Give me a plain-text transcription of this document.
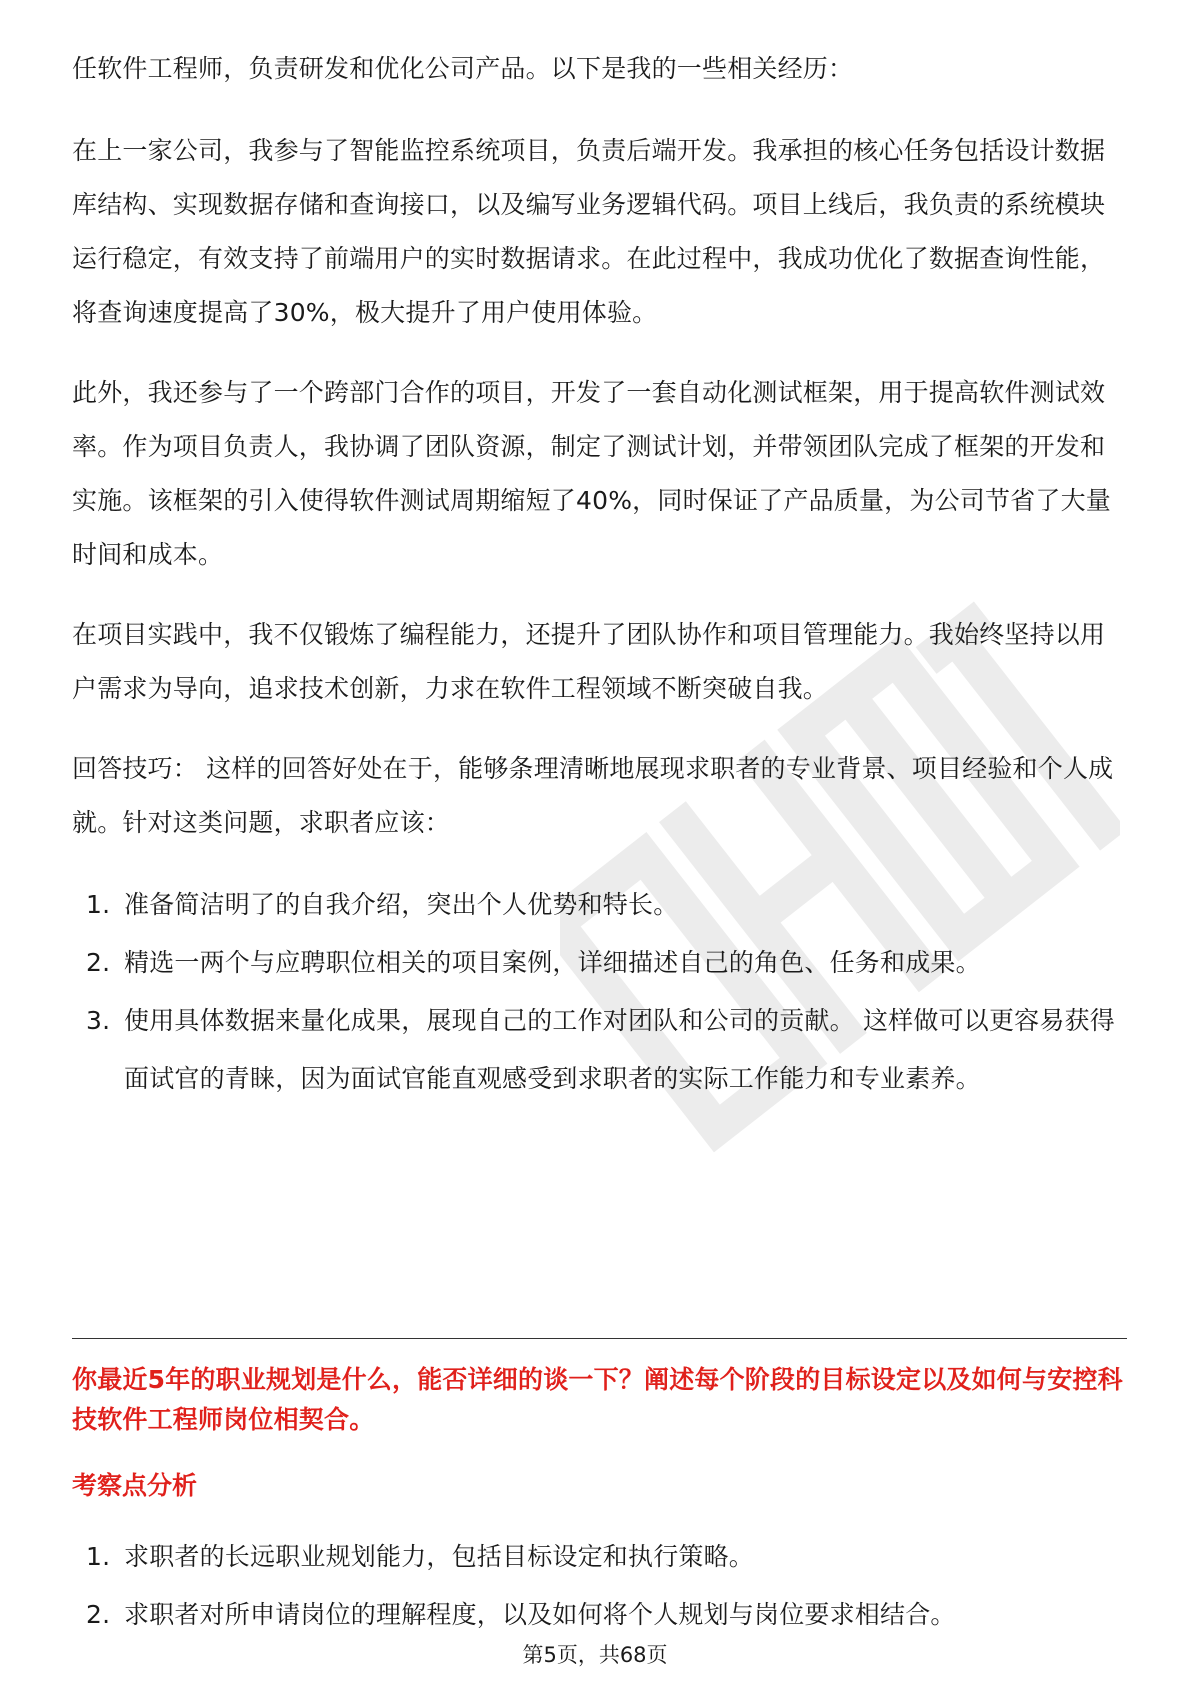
任软件工程师，负责研发和优化公司产品。以下是我的一些相关经历：

在上一家公司，我参与了智能监控系统项目，负责后端开发。我承担的核心任务包括设计数据库结构、实现数据存储和查询接口，以及编写业务逻辑代码。项目上线后，我负责的系统模块运行稳定，有效支持了前端用户的实时数据请求。在此过程中，我成功优化了数据查询性能，将查询速度提高了30%，极大提升了用户使用体验。

此外，我还参与了一个跨部门合作的项目，开发了一套自动化测试框架，用于提高软件测试效率。作为项目负责人，我协调了团队资源，制定了测试计划，并带领团队完成了框架的开发和实施。该框架的引入使得软件测试周期缩短了40%，同时保证了产品质量，为公司节省了大量时间和成本。

在项目实践中，我不仅锻炼了编程能力，还提升了团队协作和项目管理能力。我始终坚持以用户需求为导向，追求技术创新，力求在软件工程领域不断突破自我。

回答技巧： 这样的回答好处在于，能够条理清晰地展现求职者的专业背景、项目经验和个人成就。针对这类问题，求职者应该：

1. 准备简洁明了的自我介绍，突出个人优势和特长。
2. 精选一两个与应聘职位相关的项目案例，详细描述自己的角色、任务和成果。
3. 使用具体数据来量化成果，展现自己的工作对团队和公司的贡献。 这样做可以更容易获得面试官的青睐，因为面试官能直观感受到求职者的实际工作能力和专业素养。
你最近5年的职业规划是什么，能否详细的谈一下？阐述每个阶段的目标设定以及如何与安控科技软件工程师岗位相契合。
考察点分析
1. 求职者的长远职业规划能力，包括目标设定和执行策略。
2. 求职者对所申请岗位的理解程度，以及如何将个人规划与岗位要求相结合。
第5页，共68页
